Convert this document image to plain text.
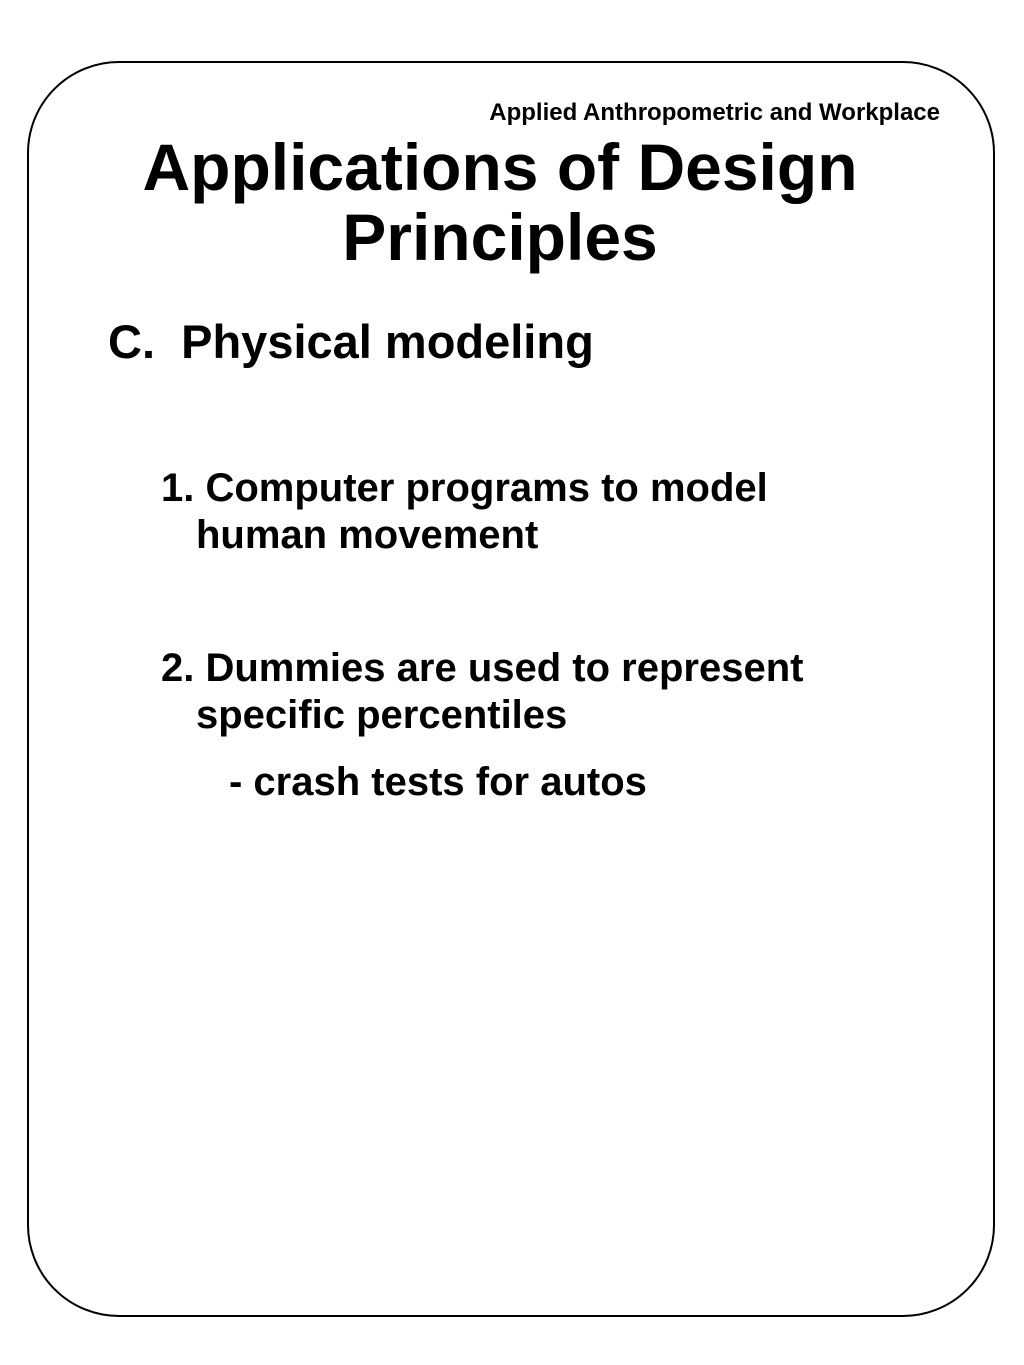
Applied Anthropometric and Workplace
Applications of Design
Principles
C.  Physical modeling
1. Computer programs to model
human movement
2. Dummies are used to represent
specific percentiles
- crash tests for autos
